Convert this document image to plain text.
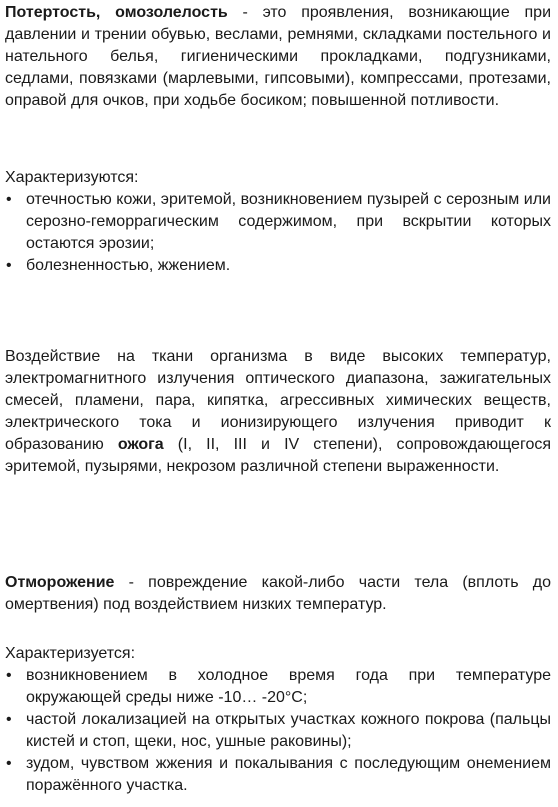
Потертость, омозолелость - это проявления, возникающие при давлении и трении обувью, веслами, ремнями, складками постельного и нательного белья, гигиеническими прокладками, подгузниками, седлами, повязками (марлевыми, гипсовыми), компрессами, протезами, оправой для очков, при ходьбе босиком; повышенной потливости.

Характеризуются:

• отечностью кожи, эритемой, возникновением пузырей с серозным или серозно-геморрагическим содержимом, при вскрытии которых остаются эрозии;
• болезненностью, жжением.

Воздействие на ткани организма в виде высоких температур, электромагнитного излучения оптического диапазона, зажигательных смесей, пламени, пара, кипятка, агрессивных химических веществ, электрического тока и ионизирующего излучения приводит к образованию ожога (I, II, III и IV степени), сопровождающегося эритемой, пузырями, некрозом различной степени выраженности.

Отморожение - повреждение какой-либо части тела (вплоть до омертвения) под воздействием низких температур.

Характеризуется:

• возникновением в холодное время года при температуре окружающей среды ниже -10… -20°С;
• частой локализацией на открытых участках кожного покрова (пальцы кистей и стоп, щеки, нос, ушные раковины);
• зудом, чувством жжения и покалывания с последующим онемением поражённого участка.
